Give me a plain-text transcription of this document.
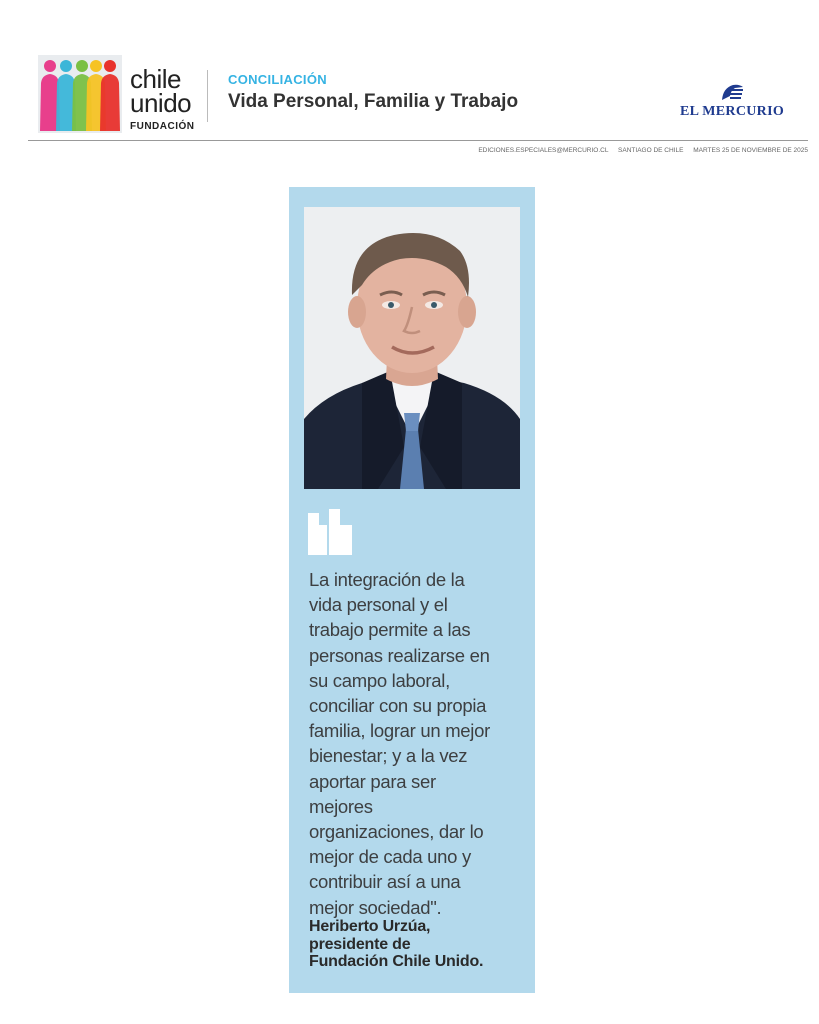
chile
unido
FUNDACIÓN
CONCILIACIÓN
Vida Personal, Familia y Trabajo	EL MERCURIO
EDICIONES.ESPECIALES@MERCURIO.CL SANTIAGO DE CHILE MARTES 25 DE NOVIEMBRE DE 2025
La integración de la
vida personal y el
trabajo permite a las
personas realizarse en
su campo laboral,
conciliar con su propia
familia, lograr un mejor
bienestar; y a la vez
aportar para ser
mejores
organizaciones, dar lo
mejor de cada uno y
contribuir así a una
mejor sociedad".
Heriberto Urzúa,
presidente de
Fundación Chile Unido.
